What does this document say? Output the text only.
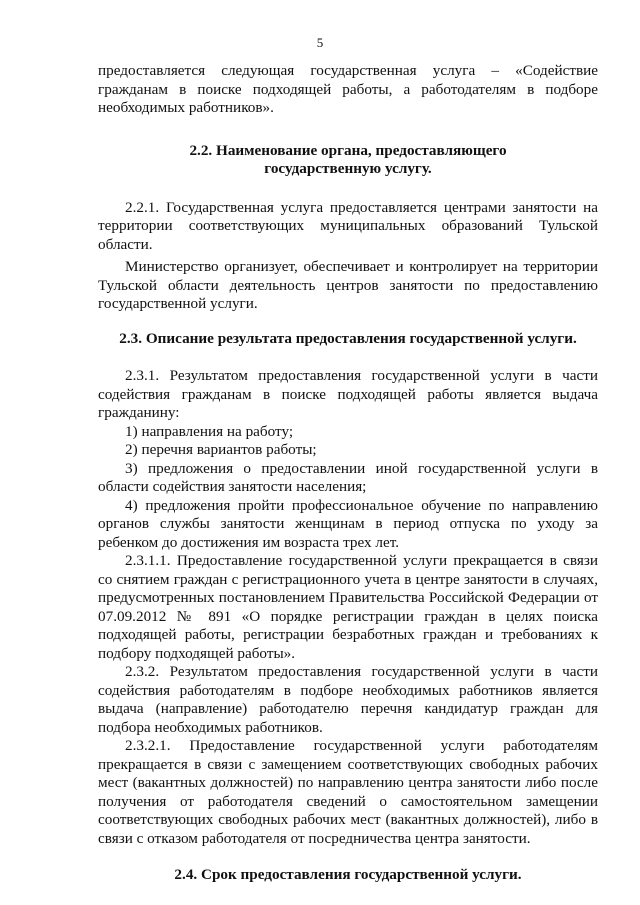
5

предоставляется следующая государственная услуга – «Содействие гражданам в поиске подходящей работы, а работодателям в подборе необходимых работников».

2.2. Наименование органа, предоставляющего
государственную услугу.

2.2.1. Государственная услуга предоставляется центрами занятости на территории соответствующих муниципальных образований Тульской области.

Министерство организует, обеспечивает и контролирует на территории Тульской области деятельность центров занятости по предоставлению государственной услуги.

2.3. Описание результата предоставления государственной услуги.

2.3.1. Результатом предоставления государственной услуги в части содействия гражданам в поиске подходящей работы является выдача гражданину:

1) направления на работу;

2) перечня вариантов работы;

3) предложения о предоставлении иной государственной услуги в области содействия занятости населения;

4) предложения пройти профессиональное обучение по направлению органов службы занятости женщинам в период отпуска по уходу за ребенком до достижения им возраста трех лет.

2.3.1.1. Предоставление государственной услуги прекращается в связи со снятием граждан с регистрационного учета в центре занятости в случаях, предусмотренных постановлением Правительства Российской Федерации от 07.09.2012 № 891 «О порядке регистрации граждан в целях поиска подходящей работы, регистрации безработных граждан и требованиях к подбору подходящей работы».

2.3.2. Результатом предоставления государственной услуги в части содействия работодателям в подборе необходимых работников является выдача (направление) работодателю перечня кандидатур граждан для подбора необходимых работников.

2.3.2.1. Предоставление государственной услуги работодателям прекращается в связи с замещением соответствующих свободных рабочих мест (вакантных должностей) по направлению центра занятости либо после получения от работодателя сведений о самостоятельном замещении соответствующих свободных рабочих мест (вакантных должностей), либо в связи с отказом работодателя от посредничества центра занятости.

2.4. Срок предоставления государственной услуги.
